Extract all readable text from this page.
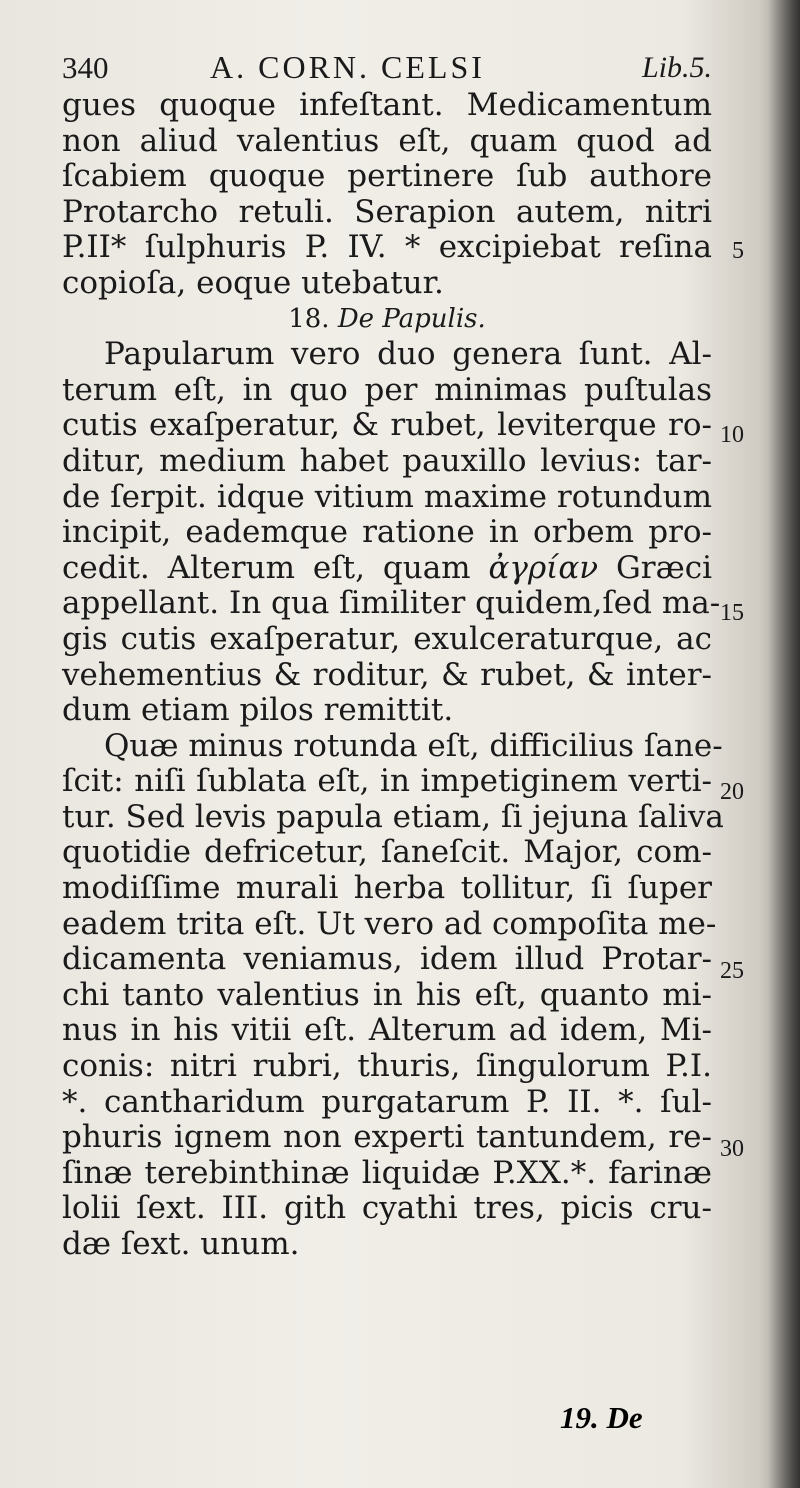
340	A. CORN. CELSI	Lib.5.
gues quoque infeſtant. Medicamentum
non aliud valentius eſt, quam quod ad
ſcabiem quoque pertinere ſub authore
Protarcho retuli. Serapion autem, nitri
P.II* ſulphuris P. IV. * excipiebat reſina
copioſa, eoque utebatur.
5
18. De Papulis.
Papularum vero duo genera ſunt. Al-
terum eſt, in quo per minimas puſtulas
cutis exaſperatur, & rubet, leviterque ro-
ditur, medium habet pauxillo levius: tar-
de ſerpit. idque vitium maxime rotundum
incipit, eademque ratione in orbem pro-
cedit. Alterum eſt, quam ἀγρίαν Græci
appellant. In qua ſimiliter quidem,ſed ma-
gis cutis exaſperatur, exulceraturque, ac
vehementius & roditur, & rubet, & inter-
dum etiam pilos remittit.
10
15
Quæ minus rotunda eſt, difficilius ſane-
ſcit: niſi ſublata eſt, in impetiginem verti-
tur. Sed levis papula etiam, ſi jejuna ſaliva
quotidie defricetur, ſaneſcit. Major, com-
modiſſime murali herba tollitur, ſi ſuper
eadem trita eſt. Ut vero ad compoſita me-
dicamenta veniamus, idem illud Protar-
chi tanto valentius in his eſt, quanto mi-
nus in his vitii eſt. Alterum ad idem, Mi-
conis: nitri rubri, thuris, ſingulorum P.I.
*. cantharidum purgatarum P. II. *. ſul-
phuris ignem non experti tantundem, re-
ſinæ terebinthinæ liquidæ P.XX.*. farinæ
lolii ſext. III. gith cyathi tres, picis cru-
dæ ſext. unum.
20
25
30
19. De
